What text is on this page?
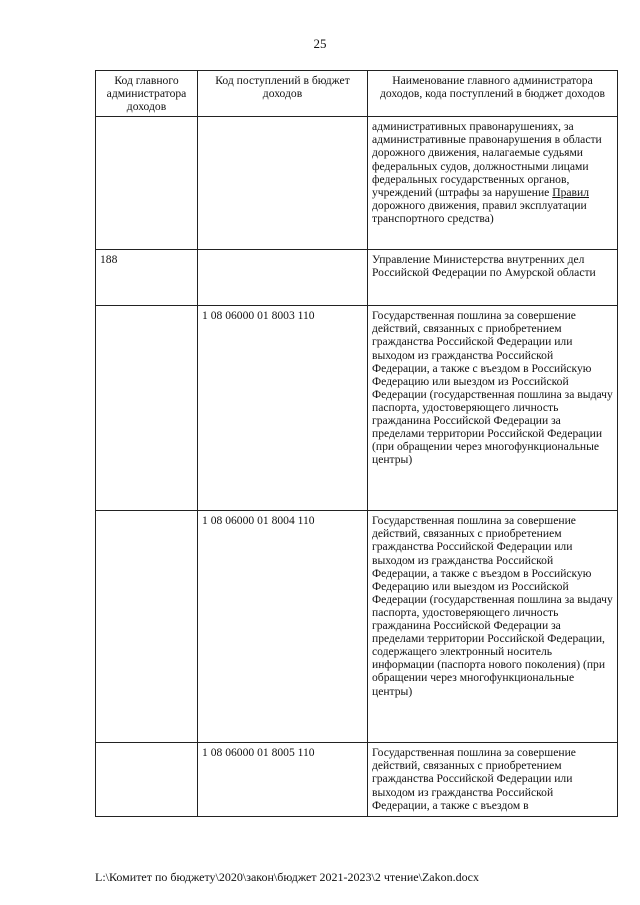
25
Код главного администратора доходов	Код поступлений в бюджет доходов	Наименование главного администратора доходов, кода поступлений в бюджет доходов
		административных правонарушениях, за административные правонарушения в области дорожного движения, налагаемые судьями федеральных судов, должностными лицами федеральных государственных органов, учреждений (штрафы за нарушение Правил дорожного движения, правил эксплуатации транспортного средства)
188		Управление Министерства внутренних дел Российской Федерации по Амурской области
	1 08 06000 01 8003 110	Государственная пошлина за совершение действий, связанных с приобретением гражданства Российской Федерации или выходом из гражданства Российской Федерации, а также с въездом в Российскую Федерацию или выездом из Российской Федерации (государственная пошлина за выдачу паспорта, удостоверяющего личность гражданина Российской Федерации за пределами территории Российской Федерации (при обращении через многофункциональные центры)
	1 08 06000 01 8004 110	Государственная пошлина за совершение действий, связанных с приобретением гражданства Российской Федерации или выходом из гражданства Российской Федерации, а также с въездом в Российскую Федерацию или выездом из Российской Федерации (государственная пошлина за выдачу паспорта, удостоверяющего личность гражданина Российской Федерации за пределами территории Российской Федерации, содержащего электронный носитель информации (паспорта нового поколения) (при обращении через многофункциональные центры)
	1 08 06000 01 8005 110	Государственная пошлина за совершение действий, связанных с приобретением гражданства Российской Федерации или выходом из гражданства Российской Федерации, а также с въездом в
L:\Комитет по бюджету\2020\закон\бюджет 2021-2023\2 чтение\Zakon.docx
